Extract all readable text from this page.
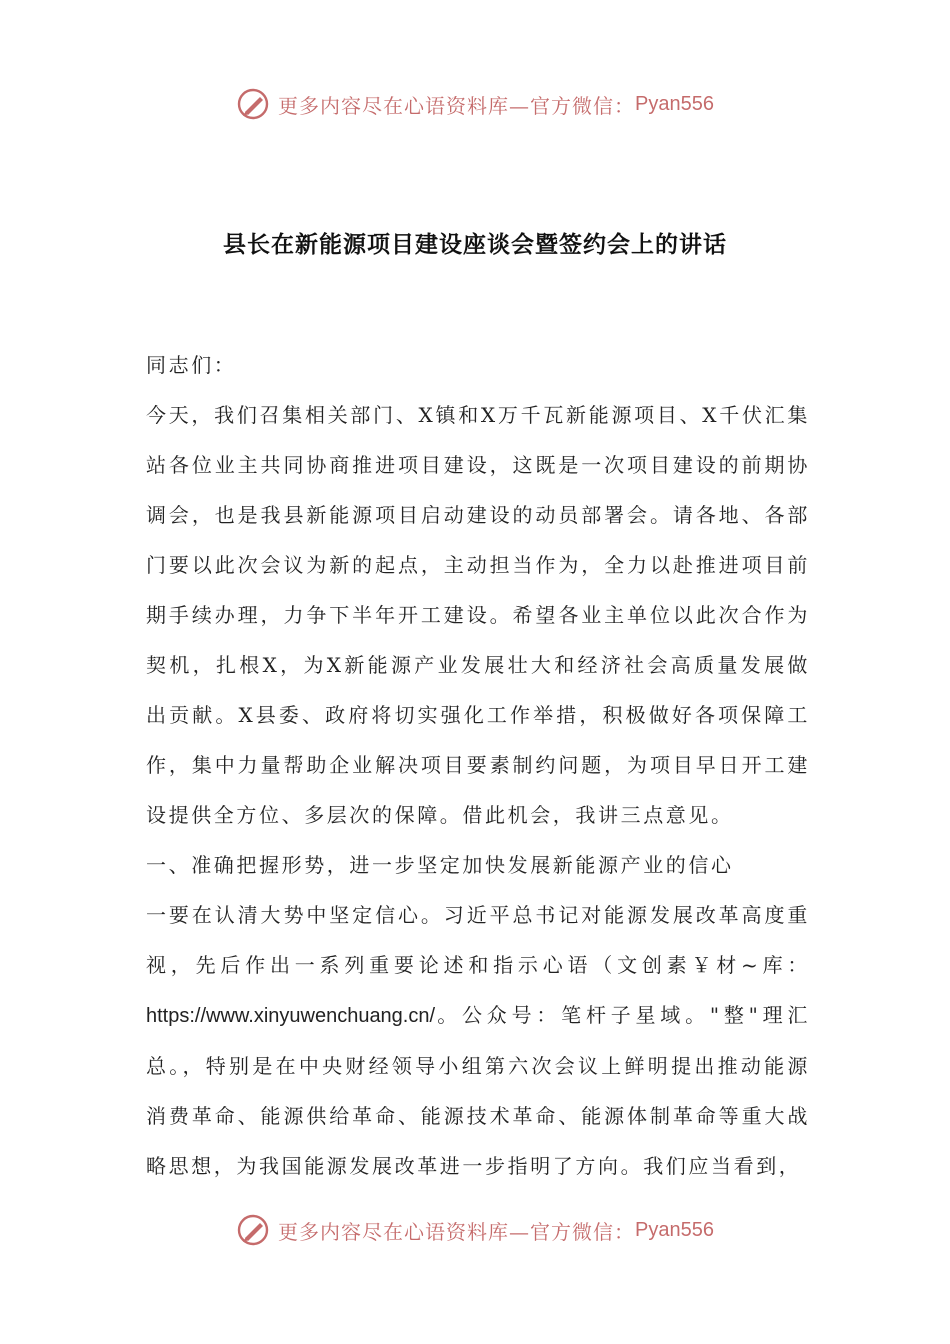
更多内容尽在心语资料库—官方微信： Pyan556
县长在新能源项目建设座谈会暨签约会上的讲话

同志们：

今天，我们召集相关部门、X镇和X万千瓦新能源项目、X千伏汇集站各位业主共同协商推进项目建设，这既是一次项目建设的前期协调会，也是我县新能源项目启动建设的动员部署会。请各地、各部门要以此次会议为新的起点，主动担当作为，全力以赴推进项目前期手续办理，力争下半年开工建设。希望各业主单位以此次合作为契机，扎根X，为X新能源产业发展壮大和经济社会高质量发展做出贡献。X县委、政府将切实强化工作举措，积极做好各项保障工作，集中力量帮助企业解决项目要素制约问题，为项目早日开工建设提供全方位、多层次的保障。借此机会，我讲三点意见。

一、准确把握形势，进一步坚定加快发展新能源产业的信心

一要在认清大势中坚定信心。习近平总书记对能源发展改革高度重视，先后作出一系列重要论述和指示心语（文创素￥材~库：https://www.xinyuwenchuang.cn/。公众号：笔杆子星域。"整"理汇总。，特别是在中央财经领导小组第六次会议上鲜明提出推动能源消费革命、能源供给革命、能源技术革命、能源体制革命等重大战略思想，为我国能源发展改革进一步指明了方向。我们应当看到，

更多内容尽在心语资料库—官方微信： Pyan556
